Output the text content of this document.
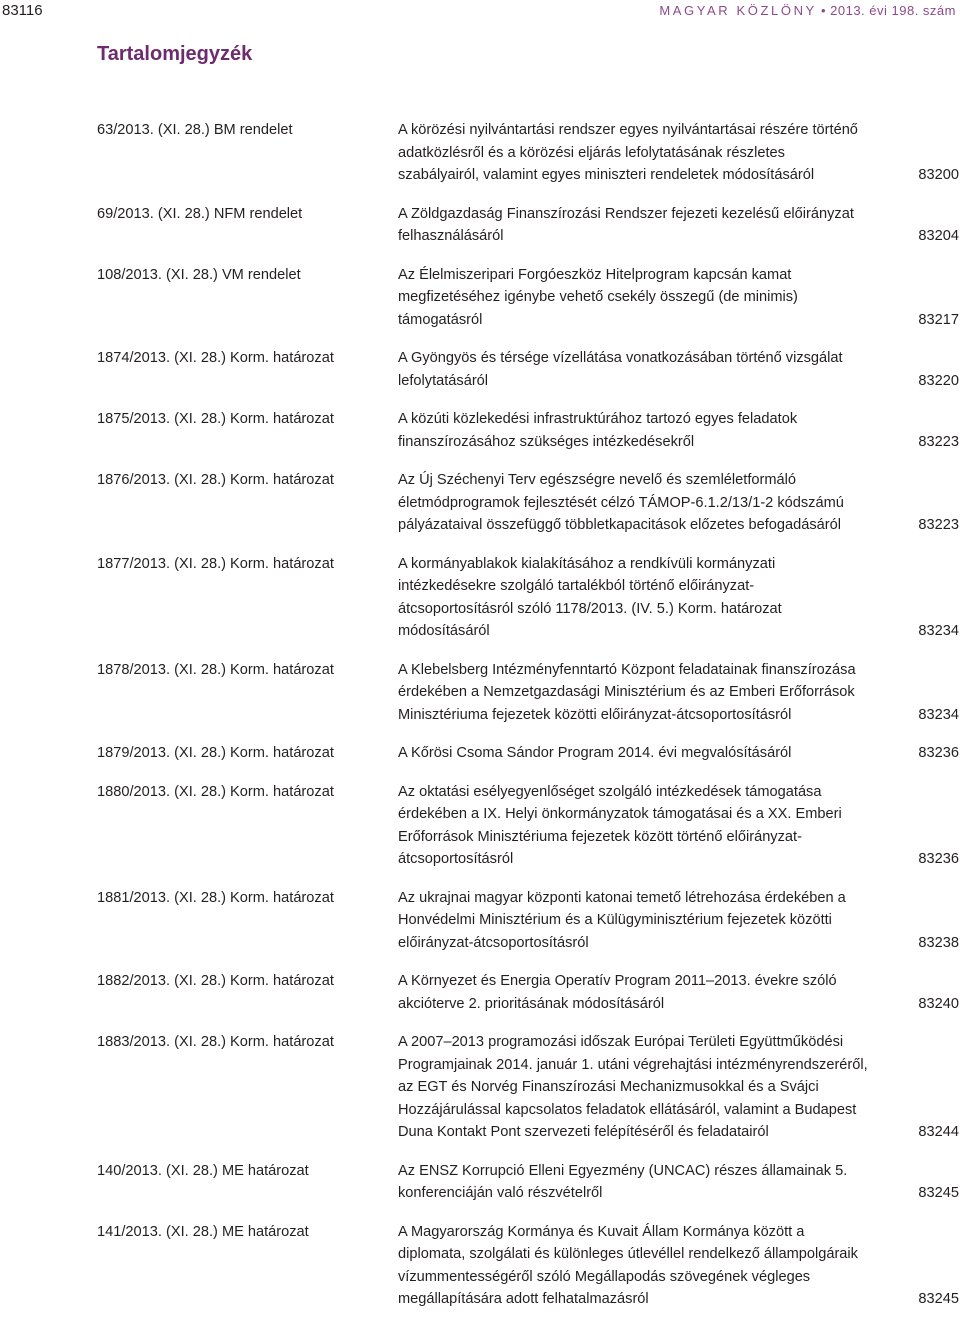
83116	MAGYAR KÖZLÖNY • 2013. évi 198. szám
Tartalomjegyzék
63/2013. (XI. 28.) BM rendelet	A körözési nyilvántartási rendszer egyes nyilvántartásai részére történő adatközlésről és a körözési eljárás lefolytatásának részletes szabályairól, valamint egyes miniszteri rendeletek módosításáról	83200
69/2013. (XI. 28.) NFM rendelet	A Zöldgazdaság Finanszírozási Rendszer fejezeti kezelésű előirányzat felhasználásáról	83204
108/2013. (XI. 28.) VM rendelet	Az Élelmiszeripari Forgóeszköz Hitelprogram kapcsán kamat megfizetéséhez igénybe vehető csekély összegű (de minimis) támogatásról	83217
1874/2013. (XI. 28.) Korm. határozat	A Gyöngyös és térsége vízellátása vonatkozásában történő vizsgálat lefolytatásáról	83220
1875/2013. (XI. 28.) Korm. határozat	A közúti közlekedési infrastruktúrához tartozó egyes feladatok finanszírozásához szükséges intézkedésekről	83223
1876/2013. (XI. 28.) Korm. határozat	Az Új Széchenyi Terv egészségre nevelő és szemléletformáló életmódprogramok fejlesztését célzó TÁMOP-6.1.2/13/1-2 kódszámú pályázataival összefüggő többletkapacitások előzetes befogadásáról	83223
1877/2013. (XI. 28.) Korm. határozat	A kormányablakok kialakításához a rendkívüli kormányzati intézkedésekre szolgáló tartalékból történő előirányzat-átcsoportosításról szóló 1178/2013. (IV. 5.) Korm. határozat módosításáról	83234
1878/2013. (XI. 28.) Korm. határozat	A Klebelsberg Intézményfenntartó Központ feladatainak finanszírozása érdekében a Nemzetgazdasági Minisztérium és az Emberi Erőforrások Minisztériuma fejezetek közötti előirányzat-átcsoportosításról	83234
1879/2013. (XI. 28.) Korm. határozat	A Kőrösi Csoma Sándor Program 2014. évi megvalósításáról	83236
1880/2013. (XI. 28.) Korm. határozat	Az oktatási esélyegyenlőséget szolgáló intézkedések támogatása érdekében a IX. Helyi önkormányzatok támogatásai és a XX. Emberi Erőforrások Minisztériuma fejezetek között történő előirányzat-átcsoportosításról	83236
1881/2013. (XI. 28.) Korm. határozat	Az ukrajnai magyar központi katonai temető létrehozása érdekében a Honvédelmi Minisztérium és a Külügyminisztérium fejezetek közötti előirányzat-átcsoportosításról	83238
1882/2013. (XI. 28.) Korm. határozat	A Környezet és Energia Operatív Program 2011–2013. évekre szóló akcióterve 2. prioritásának módosításáról	83240
1883/2013. (XI. 28.) Korm. határozat	A 2007–2013 programozási időszak Európai Területi Együttműködési Programjainak 2014. január 1. utáni végrehajtási intézményrendszeréről, az EGT és Norvég Finanszírozási Mechanizmusokkal és a Svájci Hozzájárulással kapcsolatos feladatok ellátásáról, valamint a Budapest Duna Kontakt Pont szervezeti felépítéséről és feladatairól	83244
140/2013. (XI. 28.) ME határozat	Az ENSZ Korrupció Elleni Egyezmény (UNCAC) részes államainak 5. konferenciáján való részvételről	83245
141/2013. (XI. 28.) ME határozat	A Magyarország Kormánya és Kuvait Állam Kormánya között a diplomata, szolgálati és különleges útlevéllel rendelkező állampolgáraik vízummentességéről szóló Megállapodás szövegének végleges megállapítására adott felhatalmazásról	83245
